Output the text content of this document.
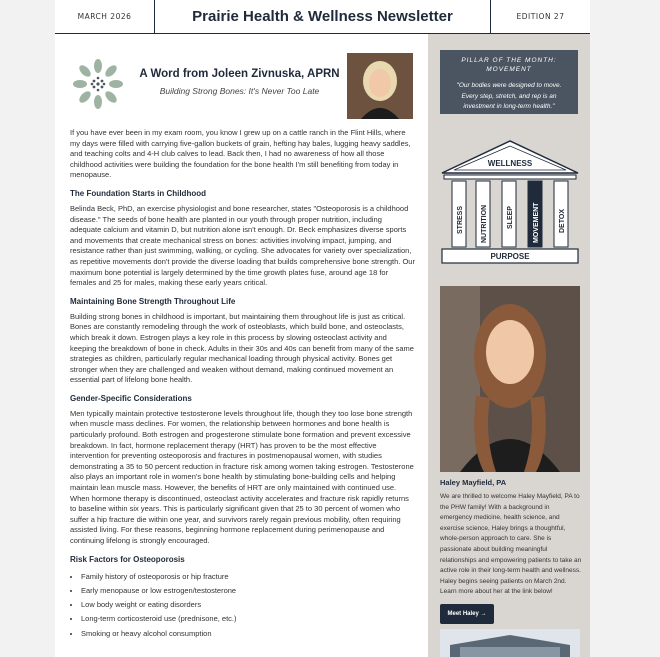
MARCH 2026	Prairie Health & Wellness Newsletter	EDITION 27
A Word from Joleen Zivnuska, APRN
Building Strong Bones: It's Never Too Late
If you have ever been in my exam room, you know I grew up on a cattle ranch in the Flint Hills, where my days were filled with carrying five-gallon buckets of grain, hefting hay bales, lugging heavy saddles, and teaching colts and 4-H club calves to lead. Back then, I had no awareness of how all those childhood activities were building the foundation for the bone health I'm still benefiting from today in menopause.
The Foundation Starts in Childhood
Belinda Beck, PhD, an exercise physiologist and bone researcher, states "Osteoporosis is a childhood disease." The seeds of bone health are planted in our youth through proper nutrition, including adequate calcium and vitamin D, but nutrition alone isn't enough. Dr. Beck emphasizes diverse sports and movements that create mechanical stress on bones: activities involving impact, jumping, and resistance rather than just swimming, walking, or cycling. She advocates for variety over specialization, as repetitive movements don't provide the diverse loading that builds comprehensive bone strength. Our maximum bone potential is largely determined by the time growth plates fuse, around age 18 for females and 25 for males, making these early years critical.
Maintaining Bone Strength Throughout Life
Building strong bones in childhood is important, but maintaining them throughout life is just as critical. Bones are constantly remodeling through the work of osteoblasts, which build bone, and osteoclasts, which break it down. Estrogen plays a key role in this process by slowing osteoclast activity and keeping the breakdown of bone in check. Adults in their 30s and 40s can benefit from many of the same strategies as children, particularly regular mechanical loading through physical activity. Bones get stronger when they are challenged and weaken without demand, making continued movement an essential part of lifelong bone health.
Gender-Specific Considerations
Men typically maintain protective testosterone levels throughout life, though they too lose bone strength when muscle mass declines. For women, the relationship between hormones and bone health is particularly profound. Both estrogen and progesterone stimulate bone formation and prevent excessive breakdown. In fact, hormone replacement therapy (HRT) has proven to be the most effective intervention for preventing osteoporosis and fractures in postmenopausal women, with studies demonstrating a 35 to 50 percent reduction in fracture risk among women taking estrogen. Testosterone also plays an important role in women's bone health by stimulating bone-building cells and helping maintain lean muscle mass. However, the benefits of HRT are only maintained with continued use. When hormone therapy is discontinued, osteoclast activity accelerates and fracture risk rapidly returns to baseline within six years. This is particularly significant given that 25 to 30 percent of women who suffer a hip fracture die within one year, and survivors rarely regain previous mobility, often requiring assisted living. For these reasons, beginning hormone replacement during perimenopause and continuing lifelong is strongly encouraged.
Risk Factors for Osteoporosis
• Family history of osteoporosis or hip fracture
• Early menopause or low estrogen/testosterone
• Low body weight or eating disorders
• Long-term corticosteroid use (prednisone, etc.)
• Smoking or heavy alcohol consumption
PILLAR OF THE MONTH:
MOVEMENT
"Our bodies were designed to move. Every step, stretch, and rep is an investment in long-term health."
WELLNESS
STRESS NUTRITION	SLEEP	MOVEMENT	DETOX
PURPOSE
Haley Mayfield, PA
We are thrilled to welcome Haley Mayfield, PA to the PHW family! With a background in emergency medicine, health science, and exercise science, Haley brings a thoughtful, whole-person approach to care. She is passionate about building meaningful relationships and empowering patients to take an active role in their long-term health and wellness. Haley begins seeing patients on March 2nd. Learn more about her at the link below!
Meet Haley →
